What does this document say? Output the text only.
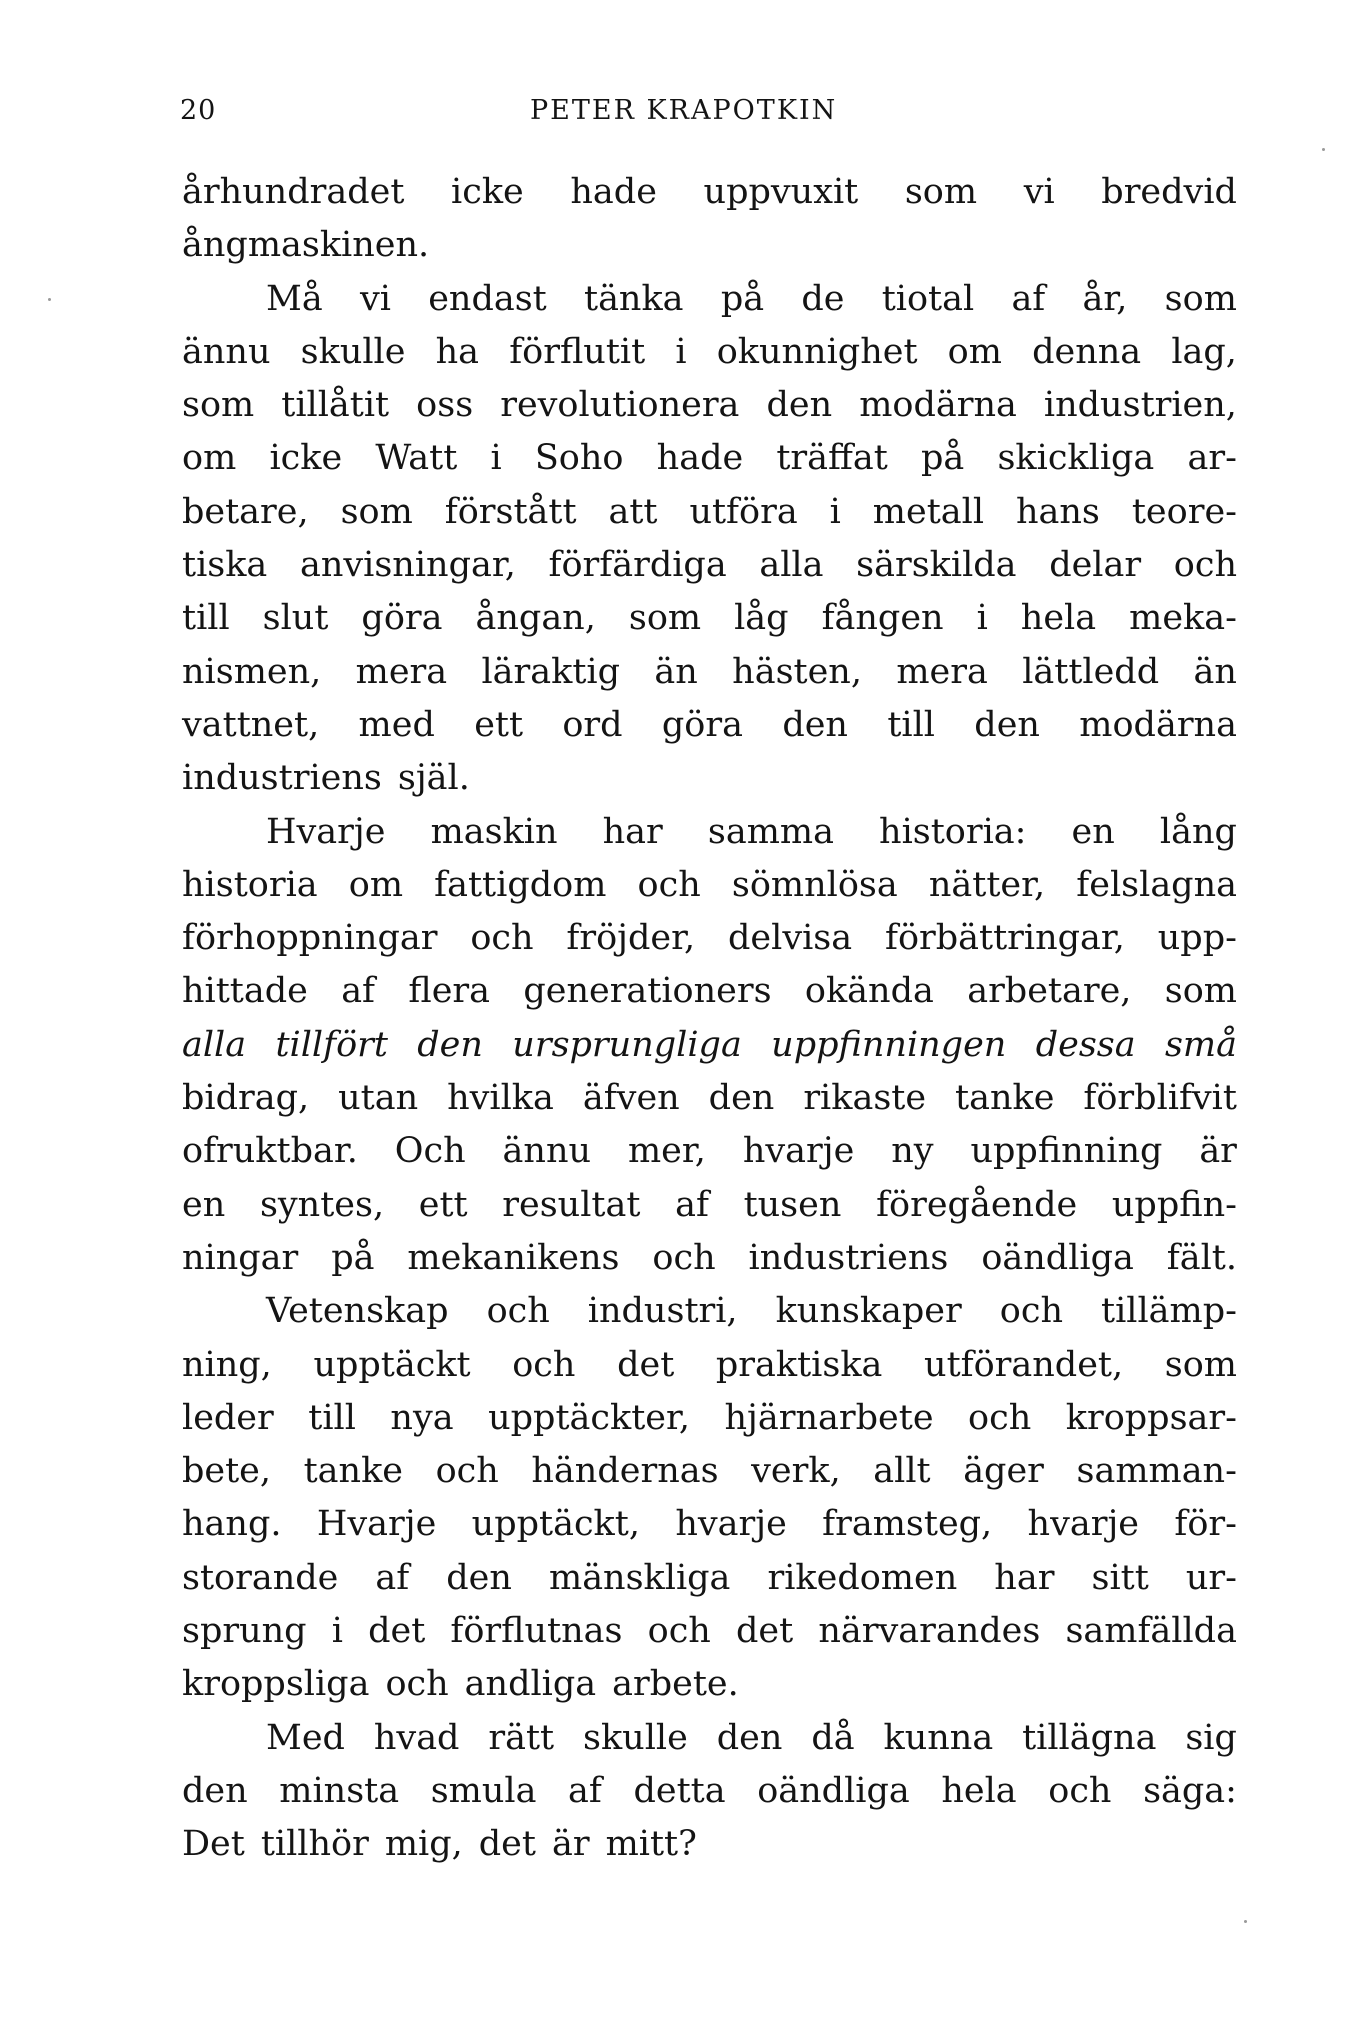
20	PETER KRAPOTKIN
århundradet icke hade uppvuxit som vi bredvid
ångmaskinen.
Må vi endast tänka på de tiotal af år, som
ännu skulle ha förflutit i okunnighet om denna lag,
som tillåtit oss revolutionera den modärna industrien,
om icke Watt i Soho hade träffat på skickliga ar-
betare, som förstått att utföra i metall hans teore-
tiska anvisningar, förfärdiga alla särskilda delar och
till slut göra ångan, som låg fången i hela meka-
nismen, mera läraktig än hästen, mera lättledd än
vattnet, med ett ord göra den till den modärna
industriens själ.
Hvarje maskin har samma historia: en lång
historia om fattigdom och sömnlösa nätter, felslagna
förhoppningar och fröjder, delvisa förbättringar, upp-
hittade af flera generationers okända arbetare, som
alla tillfört den ursprungliga uppfinningen dessa små
bidrag, utan hvilka äfven den rikaste tanke förblifvit
ofruktbar. Och ännu mer, hvarje ny uppfinning är
en syntes, ett resultat af tusen föregående uppfin-
ningar på mekanikens och industriens oändliga fält.
Vetenskap och industri, kunskaper och tillämp-
ning, upptäckt och det praktiska utförandet, som
leder till nya upptäckter, hjärnarbete och kroppsar-
bete, tanke och händernas verk, allt äger samman-
hang. Hvarje upptäckt, hvarje framsteg, hvarje för-
storande af den mänskliga rikedomen har sitt ur-
sprung i det förflutnas och det närvarandes samfällda
kroppsliga och andliga arbete.
Med hvad rätt skulle den då kunna tillägna sig
den minsta smula af detta oändliga hela och säga:
Det tillhör mig, det är mitt?
